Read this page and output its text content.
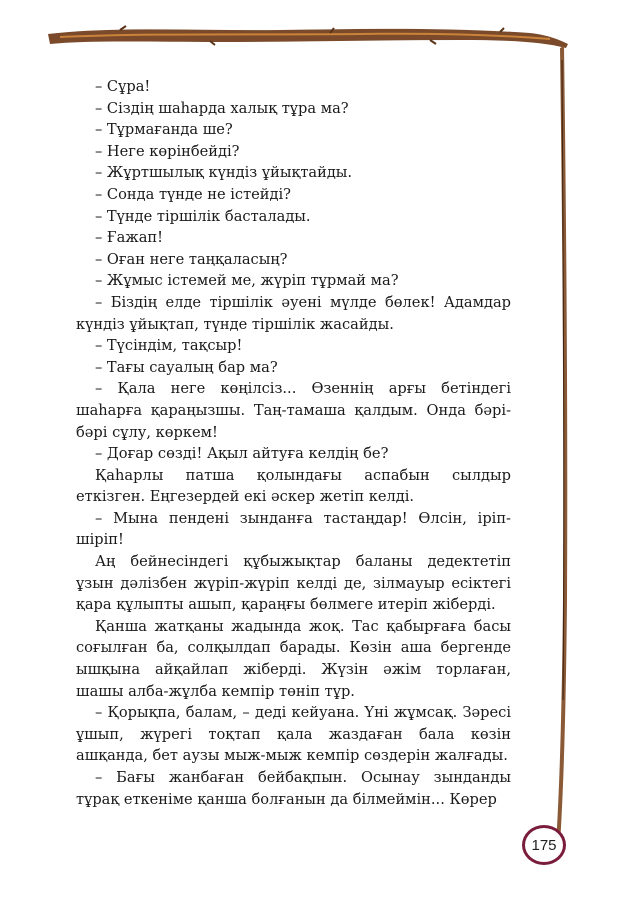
– Сұра!

– Сіздің шаһарда халық тұра ма?

– Тұрмағанда ше?

– Неге көрінбейді?

– Жұртшылық күндіз ұйықтайды.

– Сонда түнде не істейді?

– Түнде тіршілік басталады.

– Ғажап!

– Оған неге таңқаласың?

– Жұмыс істемей ме, жүріп тұрмай ма?

– Біздің елде тіршілік әуені мүлде бөлек! Адамдар күндіз ұйықтап, түнде тіршілік жасайды.

– Түсіндім, тақсыр!

– Тағы сауалың бар ма?

– Қала неге көңілсіз... Өзеннің арғы бетіндегі шаһарға қараңызшы. Таң-тамаша қалдым. Онда бәрі-бәрі сұлу, көркем!

– Доғар сөзді! Ақыл айтуға келдің бе?

Қаһарлы патша қолындағы аспабын сылдыр еткізген. Еңгезердей екі әскер жетіп келді.

– Мына пендені зынданға тастаңдар! Өлсін, іріп-шіріп!

Аң бейнесіндегі құбыжықтар баланы дедектетіп ұзын дәлізбен жүріп-жүріп келді де, зілмауыр есіктегі қара құлыпты ашып, қараңғы бөлмеге итеріп жіберді.

Қанша жатқаны жадында жоқ. Тас қабырғаға басы соғылған ба, солқылдап барады. Көзін аша бергенде ышқына айқайлап жіберді. Жүзін әжім торлаған, шашы алба-жұлба кемпір төніп тұр.

– Қорықпа, балам, – деді кейуана. Үні жұмсақ. Зәресі ұшып, жүрегі тоқтап қала жаздаған бала көзін ашқанда, бет аузы мыж-мыж кемпір сөздерін жалғады.

– Бағы жанбаған бейбақпын. Осынау зынданды тұрақ еткеніме қанша болғанын да білмеймін... Көрер

175
